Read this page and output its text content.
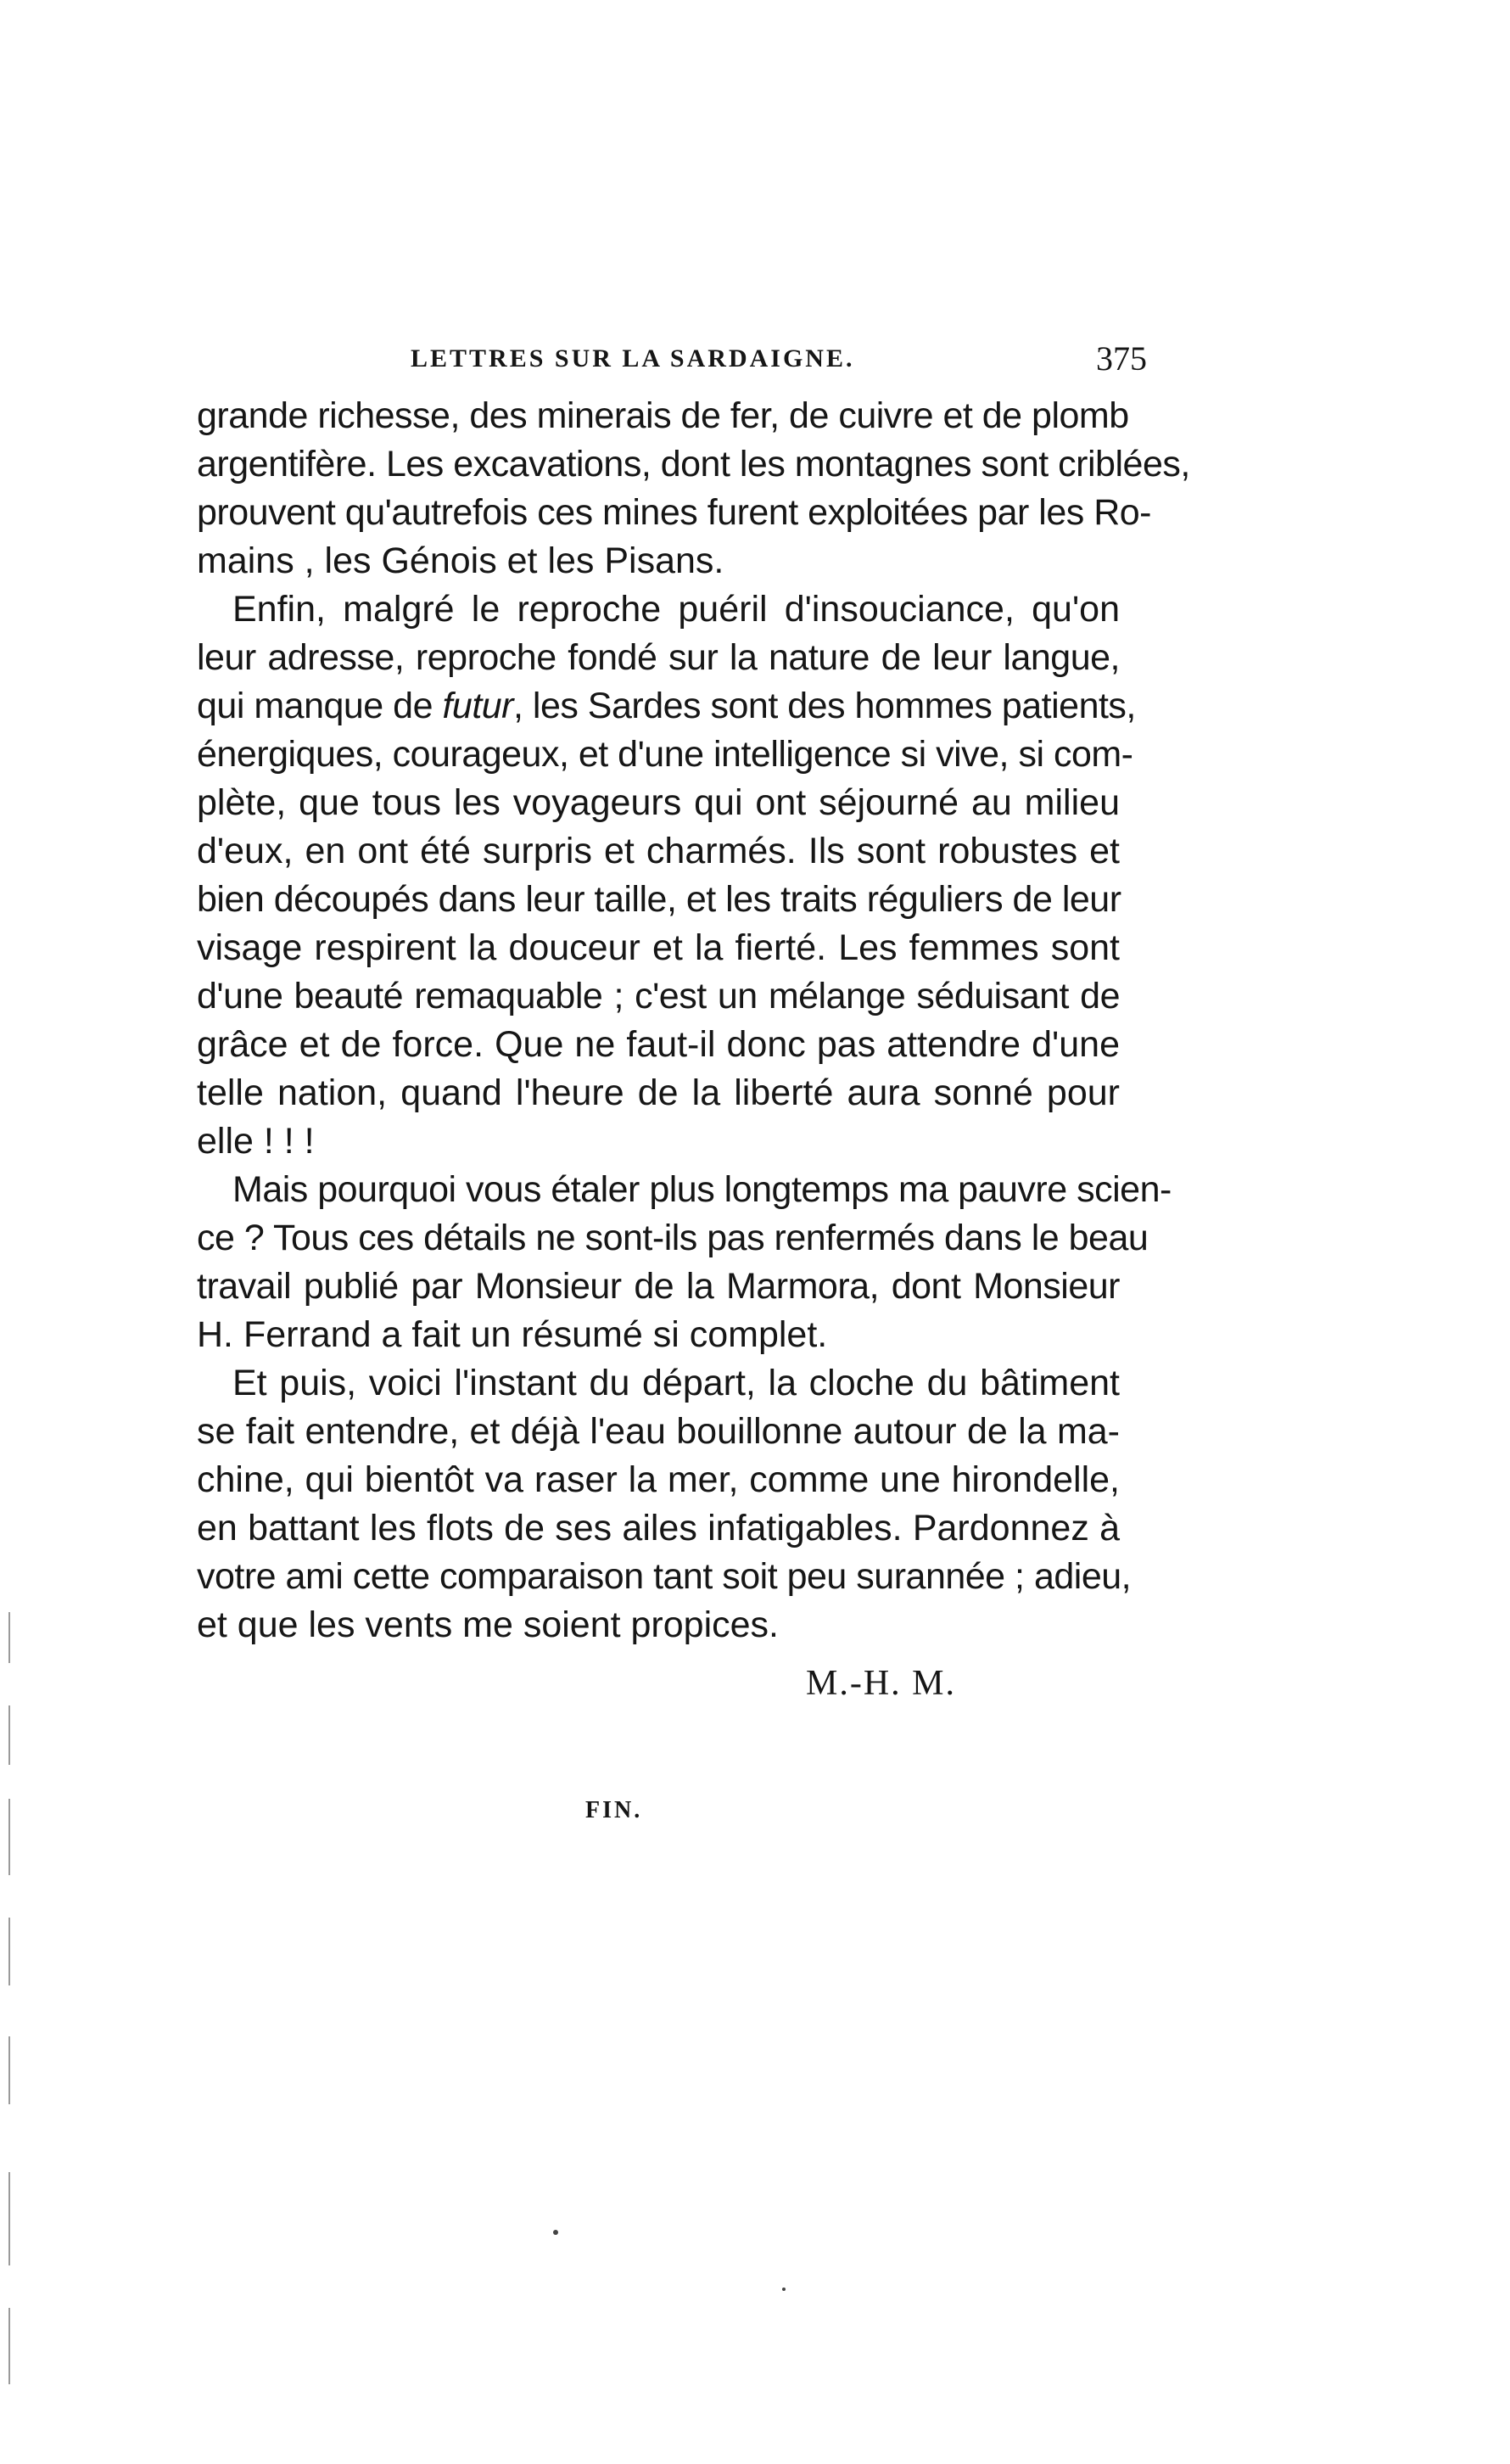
LETTRES SUR LA SARDAIGNE.	375
grande richesse, des minerais de fer, de cuivre et de plomb
argentifère. Les excavations, dont les montagnes sont criblées,
prouvent qu'autrefois ces mines furent exploitées par les Ro-
mains , les Génois et les Pisans.
Enfin, malgré le reproche puéril d'insouciance, qu'on
leur adresse, reproche fondé sur la nature de leur langue,
qui manque de futur, les Sardes sont des hommes patients,
énergiques, courageux, et d'une intelligence si vive, si com-
plète, que tous les voyageurs qui ont séjourné au milieu
d'eux, en ont été surpris et charmés. Ils sont robustes et
bien découpés dans leur taille, et les traits réguliers de leur
visage respirent la douceur et la fierté. Les femmes sont
d'une beauté remaquable ; c'est un mélange séduisant de
grâce et de force. Que ne faut-il donc pas attendre d'une
telle nation, quand l'heure de la liberté aura sonné pour
elle ! ! !
Mais pourquoi vous étaler plus longtemps ma pauvre scien-
ce ? Tous ces détails ne sont-ils pas renfermés dans le beau
travail publié par Monsieur de la Marmora, dont Monsieur
H. Ferrand a fait un résumé si complet.
Et puis, voici l'instant du départ, la cloche du bâtiment
se fait entendre, et déjà l'eau bouillonne autour de la ma-
chine, qui bientôt va raser la mer, comme une hirondelle,
en battant les flots de ses ailes infatigables. Pardonnez à
votre ami cette comparaison tant soit peu surannée ; adieu,
et que les vents me soient propices.
M.-H. M.
FIN.
